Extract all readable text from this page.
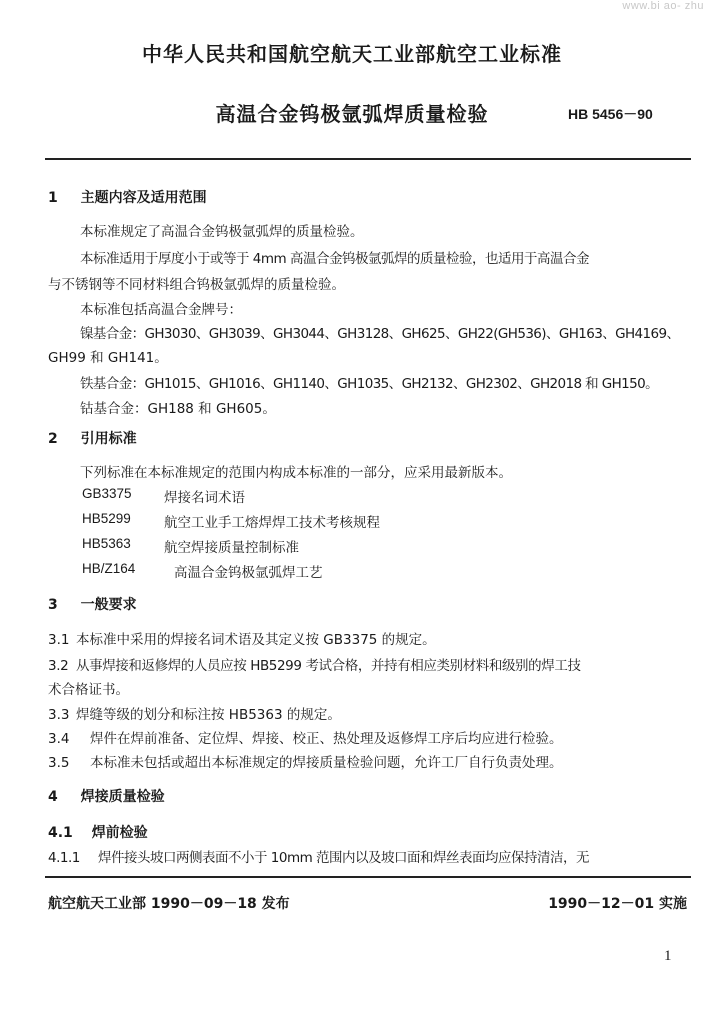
www.bi ao- zhu
中华人民共和国航空航天工业部航空工业标准
高温合金钨极氩弧焊质量检验	HB 5456－90
1 主题内容及适用范围
本标准规定了高温合金钨极氩弧焊的质量检验。
本标准适用于厚度小于或等于 4mm 高温合金钨极氩弧焊的质量检验，也适用于高温合金
与不锈钢等不同材料组合钨极氩弧焊的质量检验。
本标准包括高温合金牌号：
镍基合金：GH3030、GH3039、GH3044、GH3128、GH625、GH22(GH536)、GH163、GH4169、
GH99 和 GH141。
铁基合金：GH1015、GH1016、GH1140、GH1035、GH2132、GH2302、GH2018 和 GH150。
钴基合金：GH188 和 GH605。
2 引用标准
下列标准在本标准规定的范围内构成本标准的一部分，应采用最新版本。
GB3375 焊接名词术语
HB5299 航空工业手工熔焊焊工技术考核规程
HB5363 航空焊接质量控制标准
HB/Z164	高温合金钨极氩弧焊工艺
3 一般要求
3.1 本标准中采用的焊接名词术语及其定义按 GB3375 的规定。
3.2 从事焊接和返修焊的人员应按 HB5299 考试合格，并持有相应类别材料和级别的焊工技
术合格证书。
3.3 焊缝等级的划分和标注按 HB5363 的规定。
3.4 焊件在焊前准备、定位焊、焊接、校正、热处理及返修焊工序后均应进行检验。
3.5 本标准未包括或超出本标准规定的焊接质量检验问题，允许工厂自行负责处理。
4 焊接质量检验
4.1 焊前检验
4.1.1 焊件接头坡口两侧表面不小于 10mm 范围内以及坡口面和焊丝表面均应保持清洁，无
航空航天工业部 1990－09－18 发布	1990－12－01 实施
1
